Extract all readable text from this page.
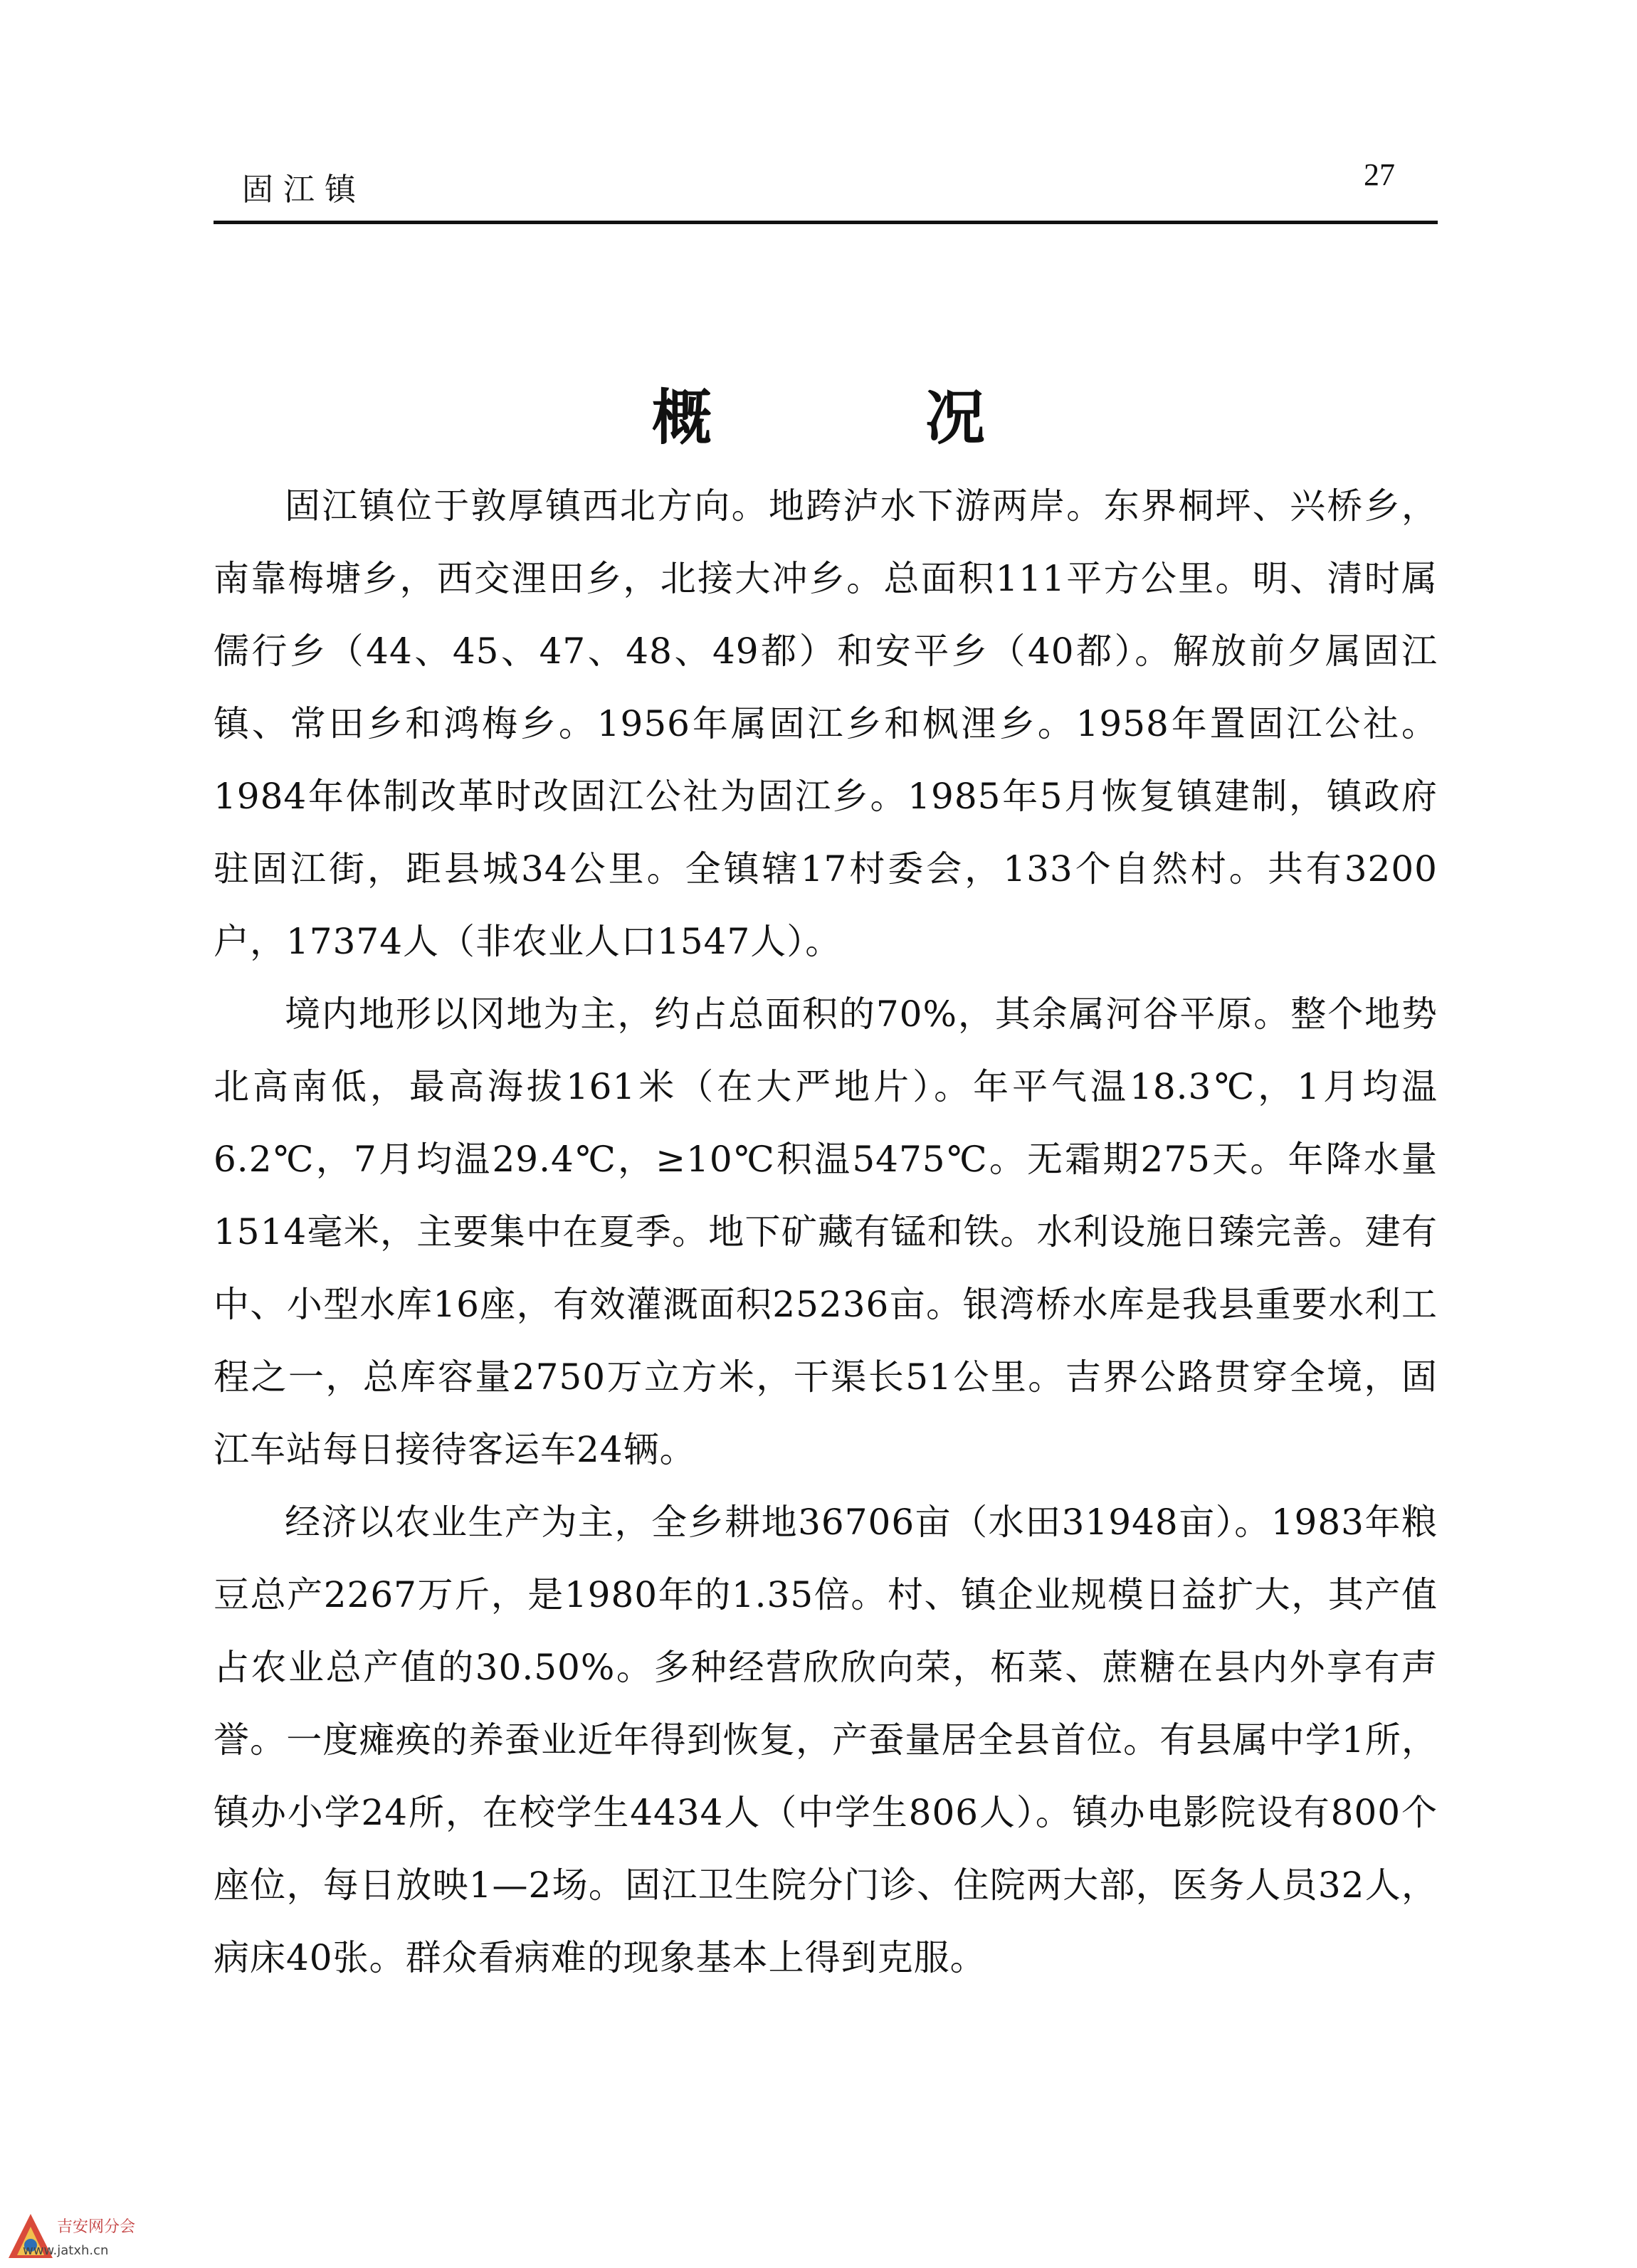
固江镇	27
概况

固江镇位于敦厚镇西北方向。地跨泸水下游两岸。东界桐坪、兴桥乡，南靠梅塘乡，西交浬田乡，北接大冲乡。总面积111平方公里。明、清时属儒行乡（44、45、47、48、49都）和安平乡（40都）。解放前夕属固江镇、常田乡和鸿梅乡。1956年属固江乡和枫浬乡。1958年置固江公社。1984年体制改革时改固江公社为固江乡。1985年5月恢复镇建制，镇政府驻固江街，距县城34公里。全镇辖17村委会，133个自然村。共有3200户，17374人（非农业人口1547人）。

境内地形以冈地为主，约占总面积的70%，其余属河谷平原。整个地势北高南低，最高海拔161米（在大严地片）。年平气温18.3℃，1月均温6.2℃，7月均温29.4℃，≥10℃积温5475℃。无霜期275天。年降水量1514毫米，主要集中在夏季。地下矿藏有锰和铁。水利设施日臻完善。建有中、小型水库16座，有效灌溉面积25236亩。银湾桥水库是我县重要水利工程之一，总库容量2750万立方米，干渠长51公里。吉界公路贯穿全境，固江车站每日接待客运车24辆。

经济以农业生产为主，全乡耕地36706亩（水田31948亩）。1983年粮豆总产2267万斤，是1980年的1.35倍。村、镇企业规模日益扩大，其产值占农业总产值的30.50%。多种经营欣欣向荣，柘菜、蔗糖在县内外享有声誉。一度瘫痪的养蚕业近年得到恢复，产蚕量居全县首位。有县属中学1所，镇办小学24所，在校学生4434人（中学生806人）。镇办电影院设有800个座位，每日放映1—2场。固江卫生院分门诊、住院两大部，医务人员32人，病床40张。群众看病难的现象基本上得到克服。

吉安网分会
www.jatxh.cn
